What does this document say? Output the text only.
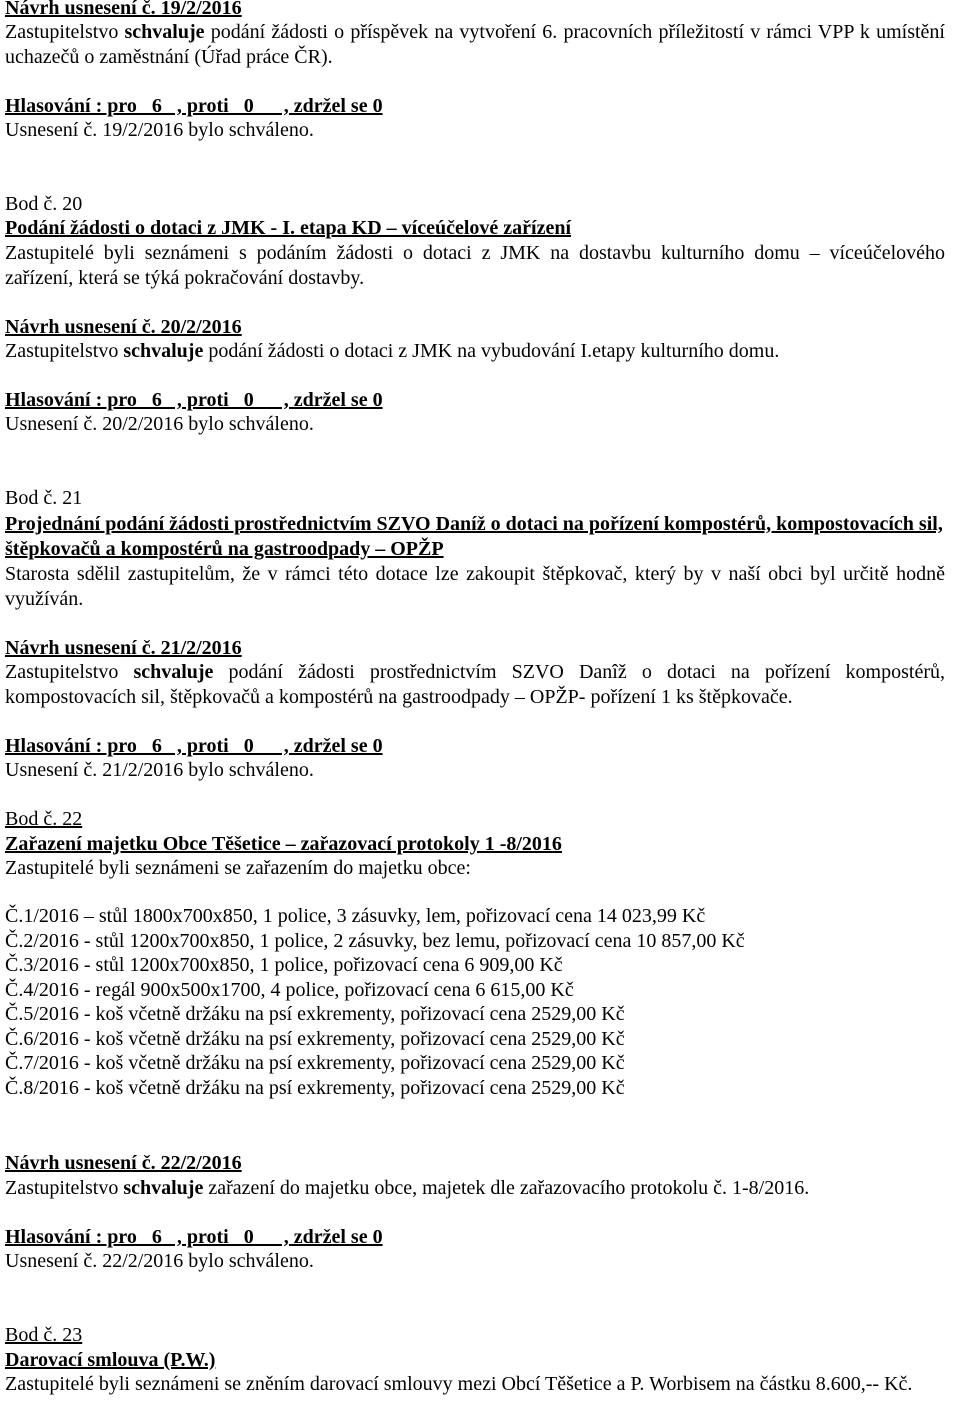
Návrh usnesení č. 19/2/2016
Zastupitelstvo schvaluje podání žádosti o příspěvek na vytvoření 6. pracovních příležitostí v rámci VPP k umístění uchazečů o zaměstnání (Úřad práce ČR).
Hlasování : pro   6   , proti   0      , zdržel se 0
Usnesení č. 19/2/2016 bylo schváleno.
Bod č. 20
Podání žádosti o dotaci z JMK - I. etapa KD – víceúčelové zařízení
Zastupitelé byli seznámeni s podáním žádosti o dotaci z JMK na dostavbu kulturního domu – víceúčelového zařízení, která se týká pokračování dostavby.
Návrh usnesení č. 20/2/2016
Zastupitelstvo schvaluje podání žádosti o dotaci z JMK na vybudování I.etapy kulturního domu.
Hlasování : pro   6   , proti   0      , zdržel se 0
Usnesení č. 20/2/2016 bylo schváleno.
Bod č. 21
Projednání podání žádosti prostřednictvím SZVO Daníž o dotaci na pořízení kompostérů, kompostovacích sil, štěpkovačů a kompostérů na gastroodpady – OPŽP
Starosta sdělil zastupitelům, že v rámci této dotace lze zakoupit štěpkovač, který by v naší obci byl určitě hodně využíván.
Návrh usnesení č. 21/2/2016
Zastupitelstvo schvaluje podání žádosti prostřednictvím SZVO Danîž o dotaci na pořízení kompostérů, kompostovacích sil, štěpkovačů a kompostérů na gastroodpady – OPŽP- pořízení 1 ks štěpkovače.
Hlasování : pro   6   , proti   0      , zdržel se 0
Usnesení č. 21/2/2016 bylo schváleno.
Bod č. 22
Zařazení majetku Obce Těšetice – zařazovací protokoly 1 -8/2016
Zastupitelé byli seznámeni se zařazením do majetku obce:
Č.1/2016 – stůl 1800x700x850, 1 police, 3 zásuvky, lem, pořizovací cena 14 023,99 Kč
Č.2/2016 - stůl 1200x700x850, 1 police, 2 zásuvky, bez lemu, pořizovací cena 10 857,00 Kč
Č.3/2016 - stůl 1200x700x850, 1 police, pořizovací cena 6 909,00 Kč
Č.4/2016 - regál 900x500x1700, 4 police, pořizovací cena 6 615,00 Kč
Č.5/2016 - koš včetně držáku na psí exkrementy, pořizovací cena 2529,00 Kč
Č.6/2016 - koš včetně držáku na psí exkrementy, pořizovací cena 2529,00 Kč
Č.7/2016 - koš včetně držáku na psí exkrementy, pořizovací cena 2529,00 Kč
Č.8/2016 - koš včetně držáku na psí exkrementy, pořizovací cena 2529,00 Kč
Návrh usnesení č. 22/2/2016
Zastupitelstvo schvaluje zařazení do majetku obce, majetek dle zařazovacího protokolu č. 1-8/2016.
Hlasování : pro   6   , proti   0      , zdržel se 0
Usnesení č. 22/2/2016 bylo schváleno.
Bod č. 23
Darovací smlouva (P.W.)
Zastupitelé byli seznámeni se zněním darovací smlouvy mezi Obcí Těšetice a P. Worbisem na částku 8.600,-- Kč.
